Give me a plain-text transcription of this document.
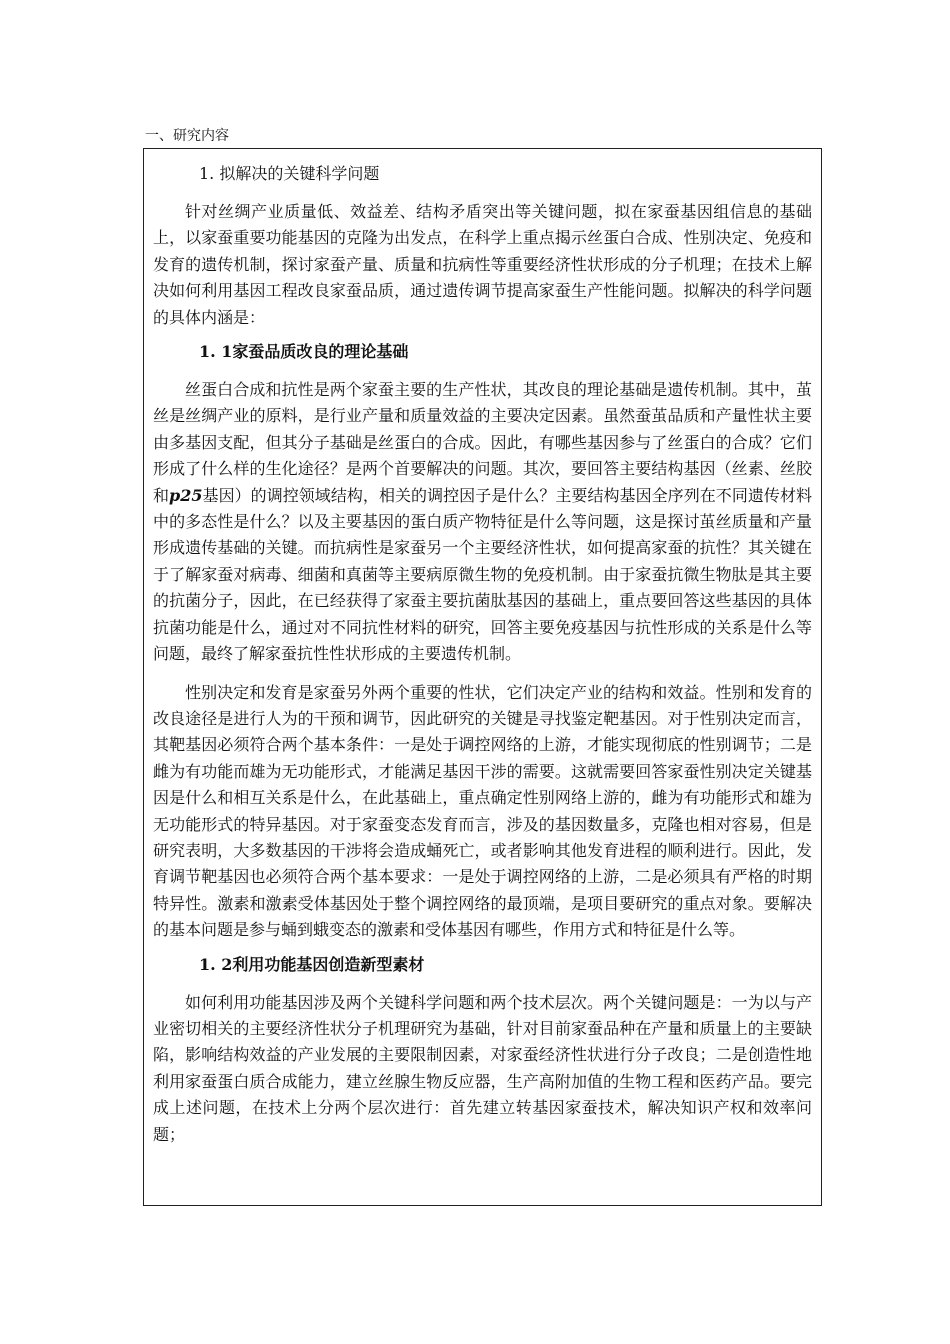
一、研究内容
1. 拟解决的关键科学问题

针对丝绸产业质量低、效益差、结构矛盾突出等关键问题，拟在家蚕基因组信息的基础上，以家蚕重要功能基因的克隆为出发点，在科学上重点揭示丝蛋白合成、性别决定、免疫和发育的遗传机制，探讨家蚕产量、质量和抗病性等重要经济性状形成的分子机理；在技术上解决如何利用基因工程改良家蚕品质，通过遗传调节提高家蚕生产性能问题。拟解决的科学问题的具体内涵是：

1. 1家蚕品质改良的理论基础

丝蛋白合成和抗性是两个家蚕主要的生产性状，其改良的理论基础是遗传机制。其中，茧丝是丝绸产业的原料，是行业产量和质量效益的主要决定因素。虽然蚕茧品质和产量性状主要由多基因支配，但其分子基础是丝蛋白的合成。因此，有哪些基因参与了丝蛋白的合成？它们形成了什么样的生化途径？是两个首要解决的问题。其次，要回答主要结构基因（丝素、丝胶和p25基因）的调控领域结构，相关的调控因子是什么？主要结构基因全序列在不同遗传材料中的多态性是什么？以及主要基因的蛋白质产物特征是什么等问题，这是探讨茧丝质量和产量形成遗传基础的关键。而抗病性是家蚕另一个主要经济性状，如何提高家蚕的抗性？其关键在于了解家蚕对病毒、细菌和真菌等主要病原微生物的免疫机制。由于家蚕抗微生物肽是其主要的抗菌分子，因此，在已经获得了家蚕主要抗菌肽基因的基础上，重点要回答这些基因的具体抗菌功能是什么，通过对不同抗性材料的研究，回答主要免疫基因与抗性形成的关系是什么等问题，最终了解家蚕抗性性状形成的主要遗传机制。

性别决定和发育是家蚕另外两个重要的性状，它们决定产业的结构和效益。性别和发育的改良途径是进行人为的干预和调节，因此研究的关键是寻找鉴定靶基因。对于性别决定而言，其靶基因必须符合两个基本条件：一是处于调控网络的上游，才能实现彻底的性别调节；二是雌为有功能而雄为无功能形式，才能满足基因干涉的需要。这就需要回答家蚕性别决定关键基因是什么和相互关系是什么，在此基础上，重点确定性别网络上游的，雌为有功能形式和雄为无功能形式的特异基因。对于家蚕变态发育而言，涉及的基因数量多，克隆也相对容易，但是研究表明，大多数基因的干涉将会造成蛹死亡，或者影响其他发育进程的顺利进行。因此，发育调节靶基因也必须符合两个基本要求：一是处于调控网络的上游，二是必须具有严格的时期特异性。激素和激素受体基因处于整个调控网络的最顶端，是项目要研究的重点对象。要解决的基本问题是参与蛹到蛾变态的激素和受体基因有哪些，作用方式和特征是什么等。

1. 2利用功能基因创造新型素材

如何利用功能基因涉及两个关键科学问题和两个技术层次。两个关键问题是：一为以与产业密切相关的主要经济性状分子机理研究为基础，针对目前家蚕品种在产量和质量上的主要缺陷，影响结构效益的产业发展的主要限制因素，对家蚕经济性状进行分子改良；二是创造性地利用家蚕蛋白质合成能力，建立丝腺生物反应器，生产高附加值的生物工程和医药产品。要完成上述问题，在技术上分两个层次进行：首先建立转基因家蚕技术，解决知识产权和效率问题；
